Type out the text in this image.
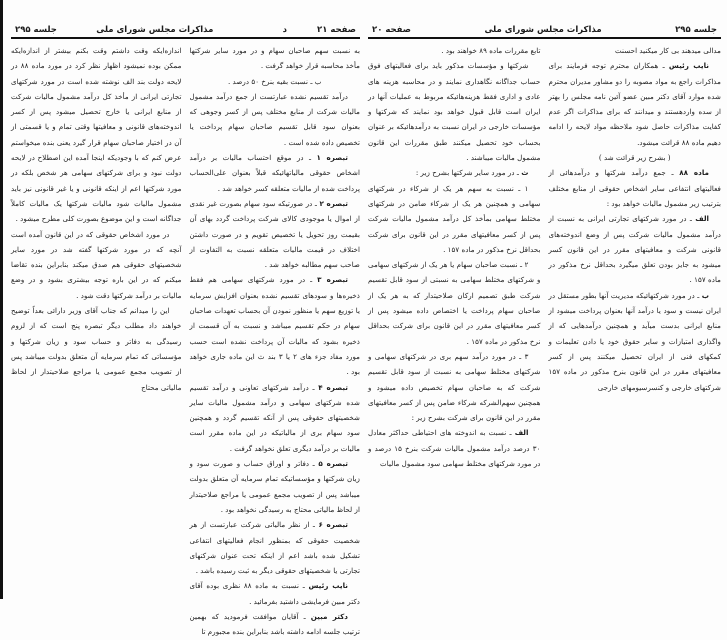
صفحه ۲۰	مذاکرات مجلس شورای ملی	جلسه ۲۹۵

مدالی میدهند بی کار میکنید احسنت

نایب رئیس ـ همکاران محترم توجه فرمایند برای مذاکرات راجع به مواد مصوبه را دو مشاور مدیران محترم شده موارد آقای دکتر مبین عضو آئین نامه مجلس را بهتر از سده واردهستند و میدانند که برای مذاکرات اگر عدم کفایت مذاکرات حاصل شود ملاحظه مواد لایحه را ادامه دهیم ماده ۸۸ قرائت میشود.

( بشرح زیر قرائت شد )

ماده ۸۸ ـ جمع درآمد شرکتها و درآمدهائی از فعالیتهای انتفاعی سایر اشخاص حقوقی از منابع مختلف بترتیب زیر مشمول مالیات خواهد بود :

الف ـ در مورد شرکتهای تجارتی ایرانی به نسبت از درآمد مشمول مالیات شرکت پس از وضع اندوخته‌های قانونی شرکت و معافیتهای مقرر در این قانون کسر میشود به جایز بودن تعلق میگیرد بحداقل نرخ مذکور در ماده ۱۵۷ .

ب ـ در مورد شرکتهائیکه مدیریت آنها بطور مستقل در ایران نیست و سود یا درآمد آنها بعنوان پرداخت میشود از منابع ایرانی بدست میآید و همچنین درآمدهایی که از واگذاری امتیازات و سایر حقوق خود یا دادن تعلیمات و کمکهای فنی از ایران تحصیل میکنند پس از کسر معافیتهای مقرر در این قانون بنرخ مذکور در ماده ۱۵۷ شرکتهای خارجی و کنسرسیومهای خارجی

تابع مقررات ماده ۸۹ خواهند بود .

شرکتها و مؤسسات مذکور باید برای فعالیتهای فوق حساب جداگانه نگاهداری نمایند و در محاسبه هزینه های عادی و اداری فقط هزینه‌هائیکه مربوط به عملیات آنها در ایران است قابل قبول خواهد بود نمایند که شرکتها و مؤسسات خارجی در ایران نسبت به درآمدهائیکه بر عنوان بحساب خود تحصیل میکنند طبق مقررات این قانون مشمول مالیات میباشند .

ث ـ در مورد سایر شرکتها بشرح زیر :

۱ ـ نسبت به سهم هر یک از شرکاء در شرکتهای سهامی و همچنین هر یک از شرکاء ضامن در شرکتهای مختلط سهامی بمأخذ کل درآمد مشمول مالیات شرکت پس از کسر معافیتهای مقرر در این قانون برای شرکت بحداقل نرخ مذکور در ماده ۱۵۷ .

۲ ـ نسبت صاحبان سهام یا هر یک از شرکتهای سهامی و شرکتهای مختلط سهامی به نسبتی از سود قابل تقسیم شرکت طبق تصمیم ارکان صلاحیتدار که به هر یک از صاحبان سهام پرداخت یا اختصاص داده میشود پس از کسر معافیتهای مقرر در این قانون برای شرکت بحداقل نرخ مذکور در ماده ۱۵۷ .

۳ ـ در مورد درآمد سهم بری در شرکتهای سهامی و شرکتهای مختلط سهامی به نسبت از سود قابل تقسیم شرکت که به صاحبان سهام تخصیص داده میشود و همچنین سهم‌الشرکه شرکاء ضامن پس از کسر معافیتهای مقرر در این قانون برای شرکت بشرح زیر :

الف ـ نسبت به اندوخته های احتیاطی حداکثر معادل ۳۰ درصد درآمد مشمول مالیات شرکت بنرخ ۱۵ درصد و در مورد شرکتهای مختلط سهامی سود مشمول مالیات

جلسه ۲۹۵	مذاکرات مجلس شورای ملی	د	صفحه ۲۱

به نسبت سهم صاحبان سهام و در مورد سایر شرکتها مأخذ محاسبه قرار خواهد گرفت .

ب ـ نسبت بقیه بنرخ ۵۰ درصد .

درآمد تقسیم نشده عبارتست از جمع درآمد مشمول مالیات شرکت از منابع مختلف پس از کسر وجوهی که بعنوان سود قابل تقسیم صاحبان سهام پرداخت یا تخصیص داده شده است .

تبصره ۱ ـ در موقع احتساب مالیات بر درآمد اشخاص حقوقی مالیاتهائیکه قبلاً بعنوان علی‌الحساب پرداخت شده از مالیات متعلقه کسر خواهد شد .

تبصره ۲ ـ در صورتیکه سود سهام بصورت غیر نقدی از اموال یا موجودی کالای شرکت پرداخت گردد بهای آن بقیمت روز تحویل یا تخصیص تقویم و در صورت داشتن اختلاف در قیمت مالیات متعلقه نسبت به التفاوت از صاحب سهم مطالبه خواهد شد .

تبصره ۳ ـ در مورد شرکتهای سهامی هم فقط ذخیره‌ها و سودهای تقسیم نشده بعنوان افزایش سرمایه یا توزیع سهم یا منظور نمودن آن بحساب تعهدات صاحبان سهام در حکم تقسیم میباشد و نسبت به آن قسمت از ذخیره بشود که مالیات آن پرداخت نشده است حسب مورد مفاد جزء های ۲ یا ۳ بند ث این ماده جاری خواهد بود .

تبصره ۴ ـ درآمد شرکتهای تعاونی و درآمد تقسیم شده شرکتهای سهامی و درآمد مشمول مالیات سایر شخصیتهای حقوقی پس از آنکه تقسیم گردد و همچنین سود سهام بری از مالیاتیکه در این ماده مقرر است مالیات بر درآمد دیگری تعلق نخواهد گرفت .

تبصره ۵ ـ دفاتر و اوراق حساب و صورت سود و زیان شرکتها و مؤسساتیکه تمام سرمایه آن متعلق بدولت میباشد پس از تصویب مجمع عمومی یا مراجع صلاحیتدار از لحاظ مالیاتی محتاج به رسیدگی نخواهد بود .

تبصره ۶ ـ از نظر مالیاتی شرکت عبارتست از هر شخصیت حقوقی که بمنظور انجام فعالیتهای انتفاعی تشکیل شده باشد اعم از اینکه تحت عنوان شرکتهای تجارتی یا شخصیتهای حقوقی دیگر به ثبت رسیده باشد .

نایب رئیس ـ نسبت به ماده ۸۸ نظری بوده آقای دکتر مبین فرمایشی داشتید بفرمائید .

دکتر مبین ـ آقایان موافقت فرمودید که بهمین ترتیب جلسه ادامه داشته باشد بنابراین بنده مجبورم تا

اندازه‌ایکه وقت داشتم وقت بکنم بیشتر از اندازه‌ایکه ممکن بوده نمیشود اظهار نظر کرد در مورد ماده ۸۸ در لایحه دولت بند الف نوشته شده است در مورد شرکتهای تجارتی ایرانی از مأخذ کل درآمد مشمول مالیات شرکت از منابع ایرانی یا خارج تحصیل میشود پس از کسر اندوخته‌های قانونی و معافیتها وقتی تمام و یا قسمتی از آن در اختیار صاحبان سهام قرار گیرد یعنی بنده میخواستم عرض کنم که با وجودیکه اینجا آمده این اصطلاح در لایحه دولت نبود و برای شرکتهای سهامی هر شخص بلکه در مورد شرکتها اعم از اینکه قانونی و یا غیر قانونی نیز باید مشمول مالیات شود مالیات شرکتها یک مالیات کاملاً جداگانه است و این موضوع بصورت کلی مطرح میشود .

در مورد اشخاص حقوقی که در این قانون آمده است آنچه که در مورد شرکتها گفته شد در مورد سایر شخصیتهای حقوقی هم صدق میکند بنابراین بنده تقاضا میکنم که در این باره توجه بیشتری بشود و در وضع مالیات بر درآمد شرکتها دقت شود .

این را میدانم که جناب آقای وزیر دارائی بعداً توضیح خواهند داد مطلب دیگر تبصره پنج است که از لزوم رسیدگی به دفاتر و حساب سود و زیان شرکتها و مؤسساتی که تمام سرمایه آن متعلق بدولت میباشد پس از تصویب مجمع عمومی یا مراجع صلاحیتدار از لحاظ مالیاتی محتاج
